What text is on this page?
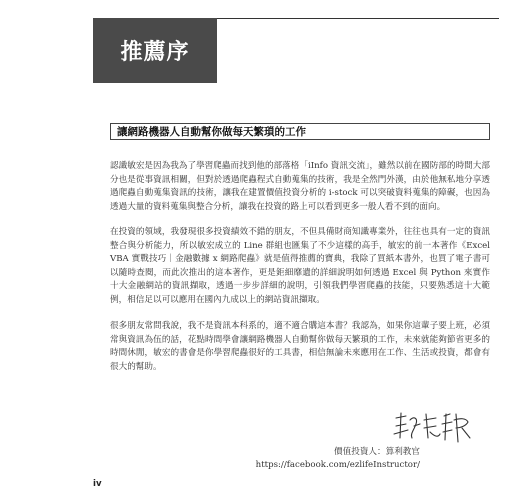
推薦序
讓網路機器人自動幫你做每天繁瑣的工作

認識敏宏是因為我為了學習爬蟲而找到他的部落格「iInfo 資訊交流」，雖然以前在國防部的時間大部分也是從事資訊相關，但對於透過爬蟲程式自動蒐集的技術，我是全然門外漢，由於他無私地分享透過爬蟲自動蒐集資訊的技術，讓我在建置價值投資分析的 i-stock 可以突破資料蒐集的障礙，也因為透過大量的資料蒐集與整合分析，讓我在投資的路上可以看到更多一般人看不到的面向。

在投資的領域，我發現很多投資績效不錯的朋友，不但具備財商知識專業外，往往也具有一定的資訊整合與分析能力，所以敏宏成立的 Line 群組也匯集了不少這樣的高手，敏宏的前一本著作《Excel VBA 實戰技巧｜金融數據 x 網路爬蟲》就是值得推薦的寶典，我除了買紙本書外，也買了電子書可以隨時查閱，而此次推出的這本著作，更是鉅細靡遺的詳細說明如何透過 Excel 與 Python 來實作十大金融網站的資訊擷取，透過一步步詳細的說明，引領我們學習爬蟲的技能，只要熟悉這十大範例，相信足以可以應用在國內九成以上的網站資訊擷取。

很多朋友常問我說，我不是資訊本科系的，適不適合購這本書？我認為，如果你這輩子要上班，必須常與資訊為伍的話，花點時間學會讓網路機器人自動幫你做每天繁瑣的工作，未來就能夠節省更多的時間休閒，敏宏的書會是你學習爬蟲很好的工具書，相信無論未來應用在工作、生活或投資，都會有很大的幫助。

價值投資人：算利教官
https://facebook.com/ezlifeInstructor/
iv
